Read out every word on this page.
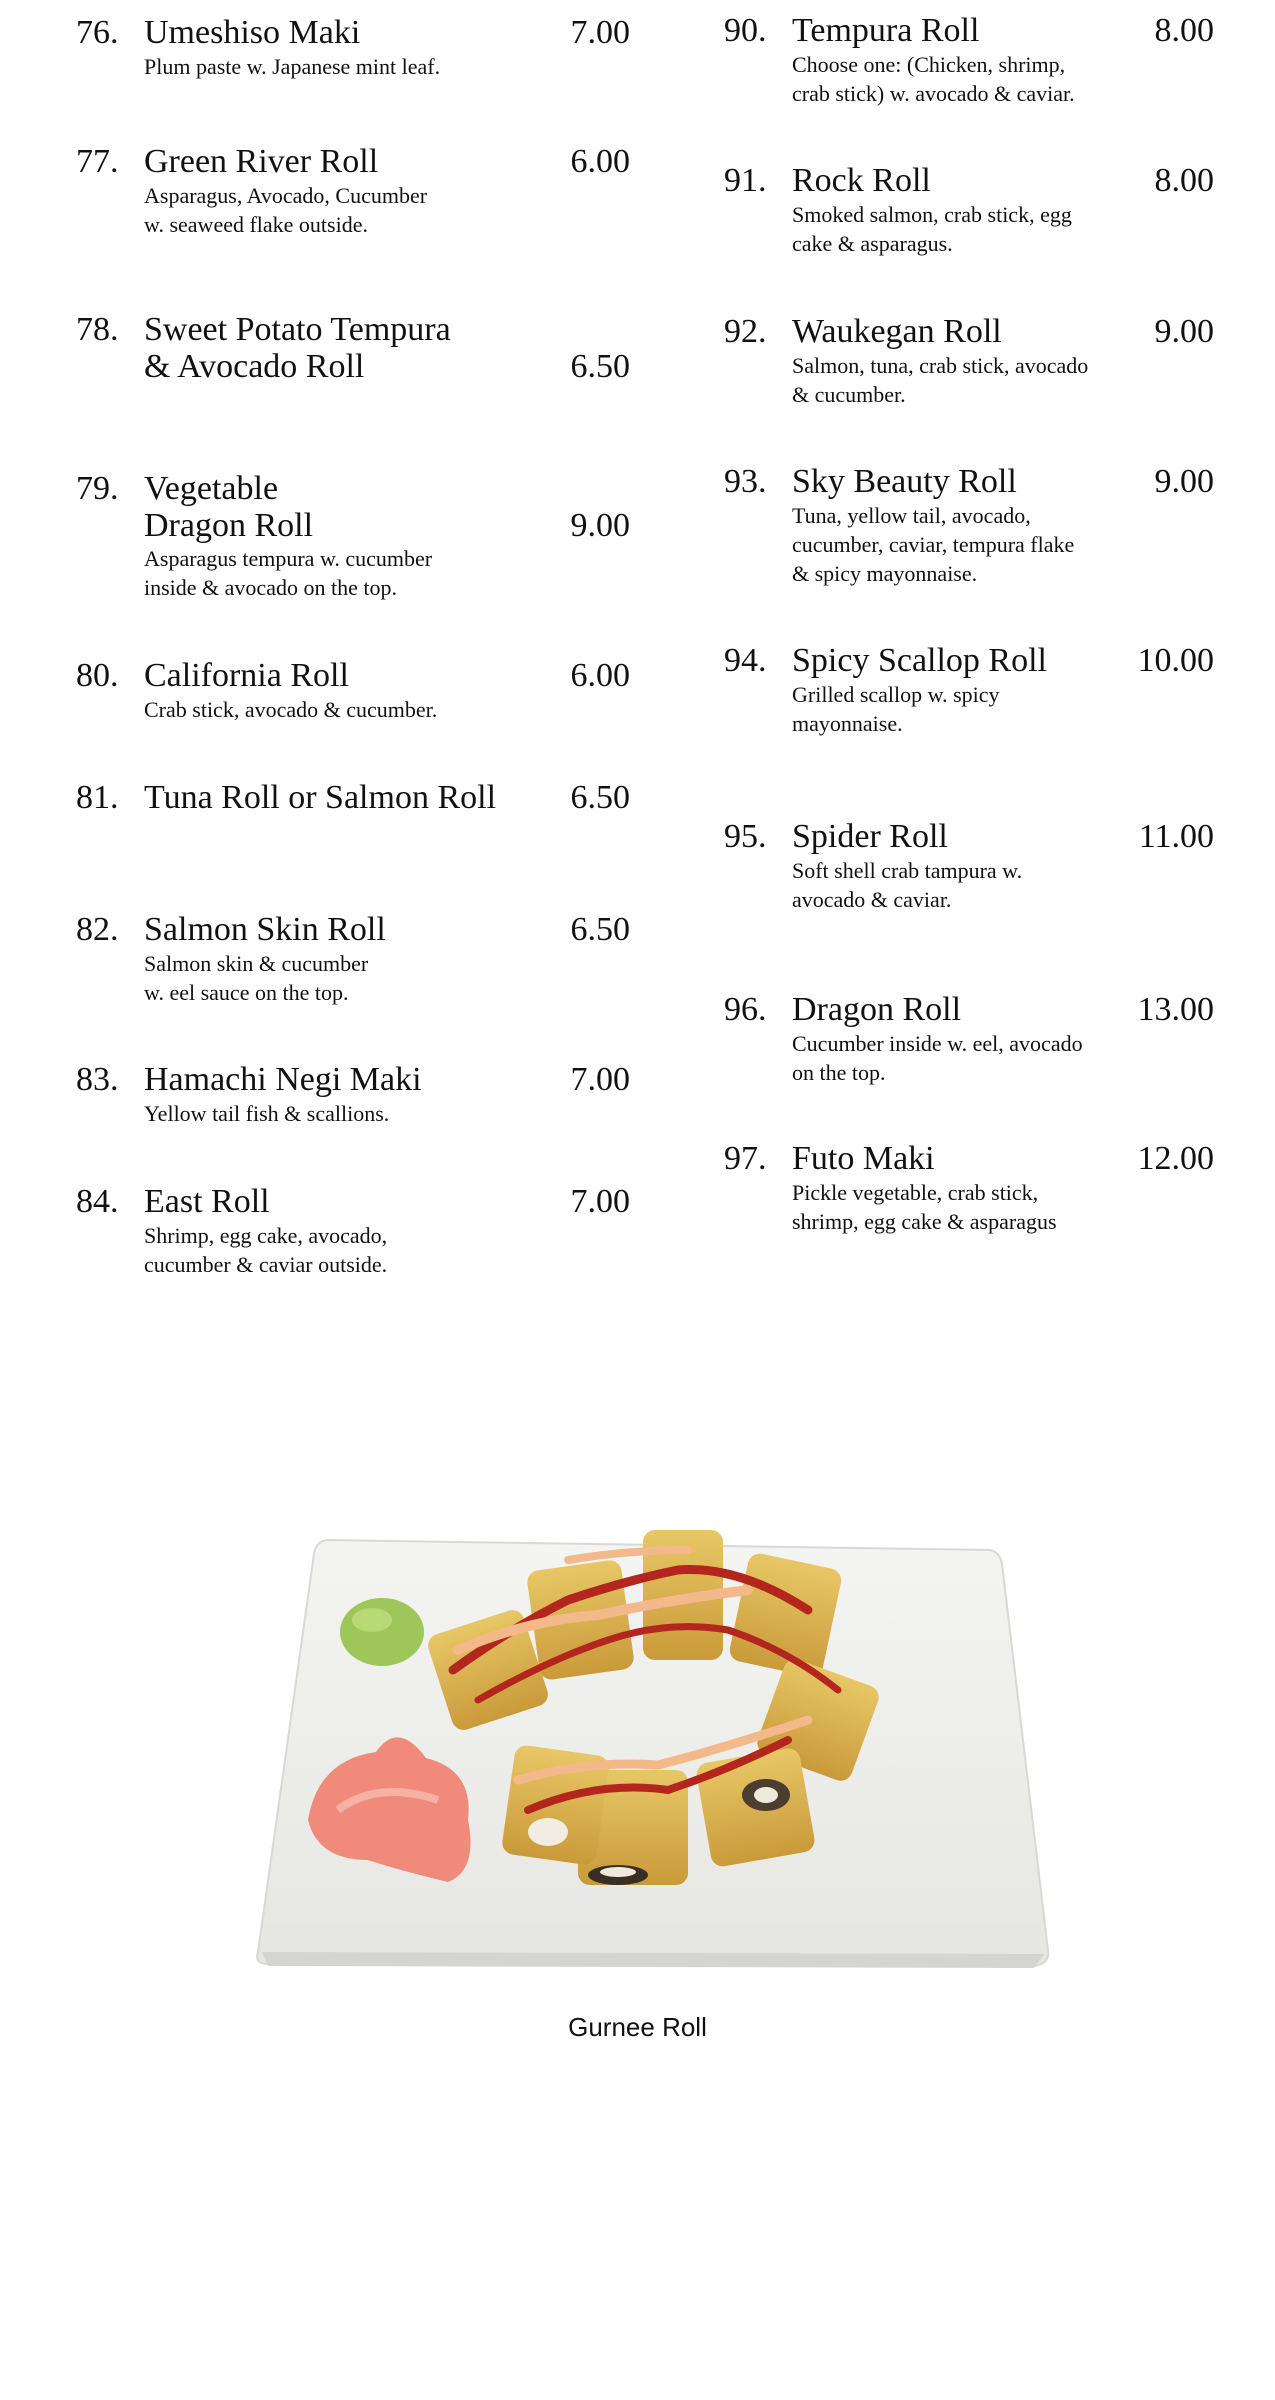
76. Umeshiso Maki	7.00
Plum paste w. Japanese mint leaf.
77. Green River Roll	6.00
Asparagus, Avocado, Cucumber
w. seaweed flake outside.
78. Sweet Potato Tempura
& Avocado Roll	6.50
79. Vegetable
Dragon Roll	9.00
Asparagus tempura w. cucumber
inside & avocado on the top.
80. California Roll	6.00
Crab stick, avocado & cucumber.
81. Tuna Roll or Salmon Roll	6.50
82. Salmon Skin Roll	6.50
Salmon skin & cucumber
w. eel sauce on the top.
83. Hamachi Negi Maki	7.00
Yellow tail fish & scallions.
84. East Roll	7.00
Shrimp, egg cake, avocado,
cucumber & caviar outside.
90. Tempura Roll	8.00
Choose one: (Chicken, shrimp,
crab stick) w. avocado & caviar.
91. Rock Roll	8.00
Smoked salmon, crab stick, egg
cake & asparagus.
92. Waukegan Roll	9.00
Salmon, tuna, crab stick, avocado
& cucumber.
93. Sky Beauty Roll	9.00
Tuna, yellow tail, avocado,
cucumber, caviar, tempura flake
& spicy mayonnaise.
94. Spicy Scallop Roll	10.00
Grilled scallop w. spicy
mayonnaise.
95. Spider Roll	11.00
Soft shell crab tampura w.
avocado & caviar.
96. Dragon Roll	13.00
Cucumber inside w. eel, avocado
on the top.
97. Futo Maki	12.00
Pickle vegetable, crab stick,
shrimp, egg cake & asparagus
Gurnee Roll
